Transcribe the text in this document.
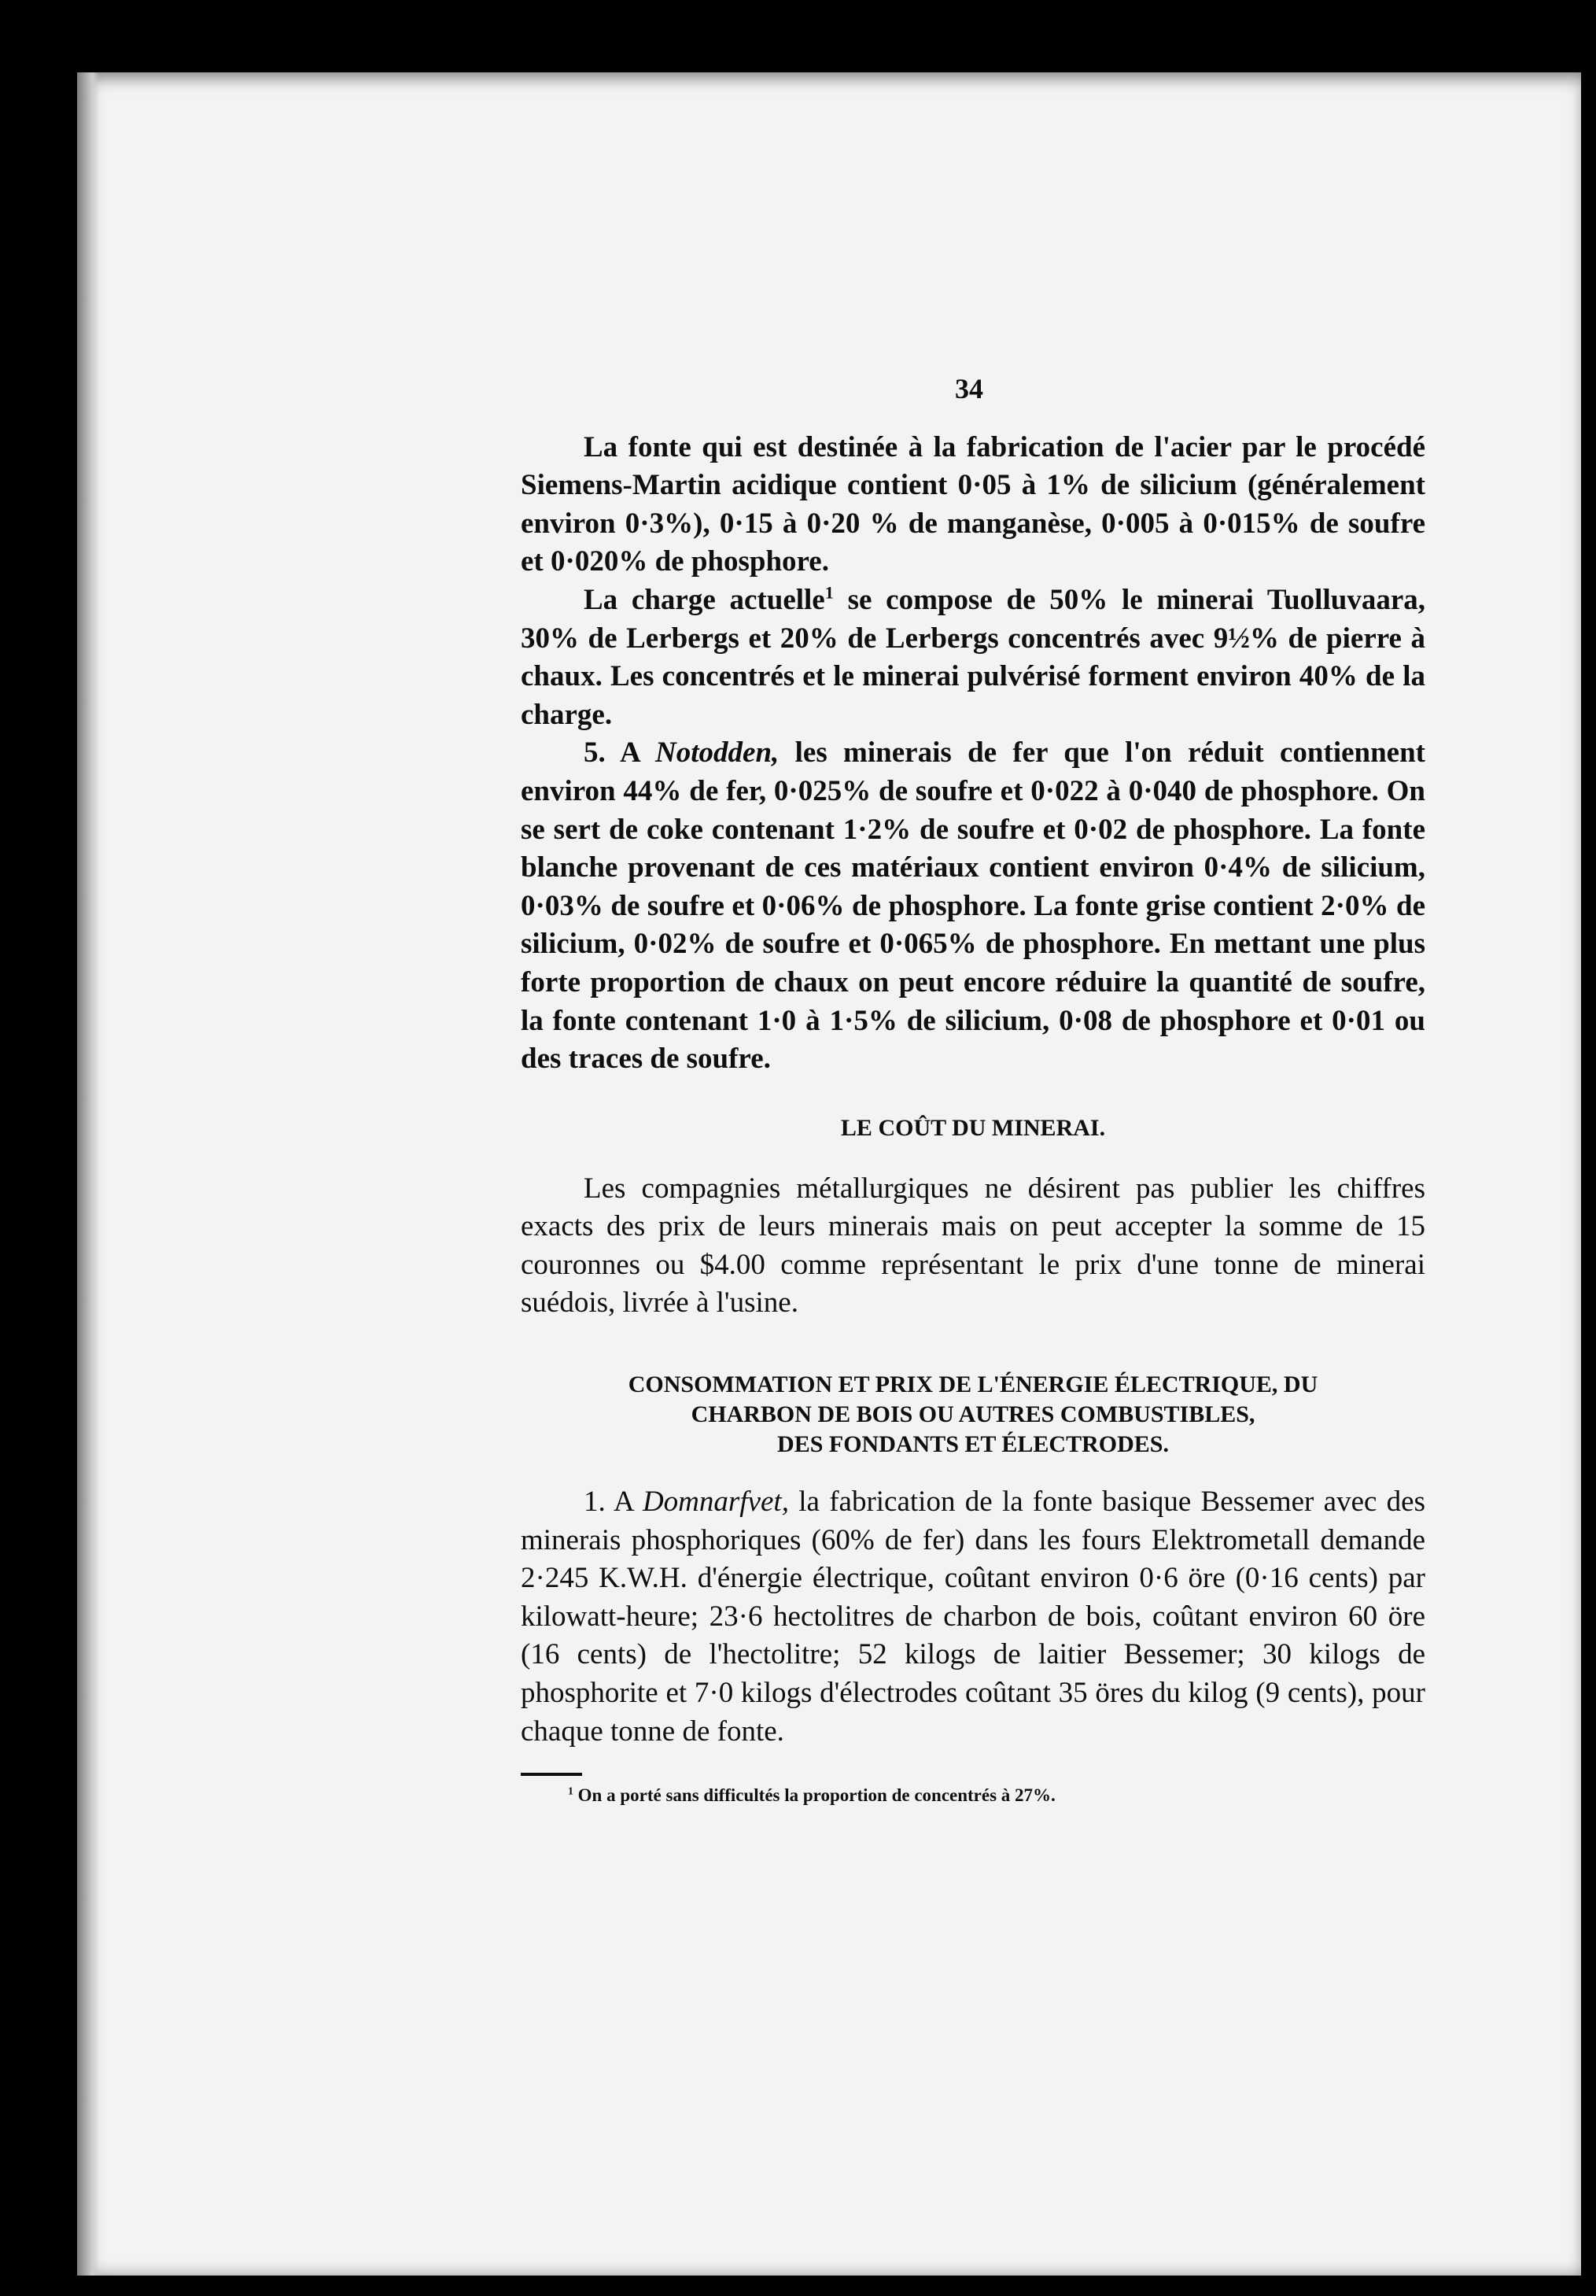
34

La fonte qui est destinée à la fabrication de l'acier par le procédé Siemens-Martin acidique contient 0·05 à 1% de silicium (généralement environ 0·3%), 0·15 à 0·20 % de manganèse, 0·005 à 0·015% de soufre et 0·020% de phosphore.

La charge actuelle$^1$ se compose de 50% le minerai Tuolluvaara, 30% de Lerbergs et 20% de Lerbergs concentrés avec 9½% de pierre à chaux. Les concentrés et le minerai pulvérisé forment environ 40% de la charge.

5. A Notodden, les minerais de fer que l'on réduit contiennent environ 44% de fer, 0·025% de soufre et 0·022 à 0·040 de phosphore. On se sert de coke contenant 1·2% de soufre et 0·02 de phosphore. La fonte blanche provenant de ces matériaux contient environ 0·4% de silicium, 0·03% de soufre et 0·06% de phosphore. La fonte grise contient 2·0% de silicium, 0·02% de soufre et 0·065% de phosphore. En mettant une plus forte proportion de chaux on peut encore réduire la quantité de soufre, la fonte contenant 1·0 à 1·5% de silicium, 0·08 de phosphore et 0·01 ou des traces de soufre.

LE COÛT DU MINERAI.

Les compagnies métallurgiques ne désirent pas publier les chiffres exacts des prix de leurs minerais mais on peut accepter la somme de 15 couronnes ou $4.00 comme représentant le prix d'une tonne de minerai suédois, livrée à l'usine.

CONSOMMATION ET PRIX DE L'ÉNERGIE ÉLECTRIQUE, DU
CHARBON DE BOIS OU AUTRES COMBUSTIBLES,
DES FONDANTS ET ÉLECTRODES.

1. A Domnarfvet, la fabrication de la fonte basique Bessemer avec des minerais phosphoriques (60% de fer) dans les fours Elektrometall demande 2·245 K.W.H. d'énergie électrique, coûtant environ 0·6 öre (0·16 cents) par kilowatt-heure; 23·6 hectolitres de charbon de bois, coûtant environ 60 öre (16 cents) de l'hectolitre; 52 kilogs de laitier Bessemer; 30 kilogs de phosphorite et 7·0 kilogs d'électrodes coûtant 35 öres du kilog (9 cents), pour chaque tonne de fonte.

$^1$ On a porté sans difficultés la proportion de concentrés à 27%.
